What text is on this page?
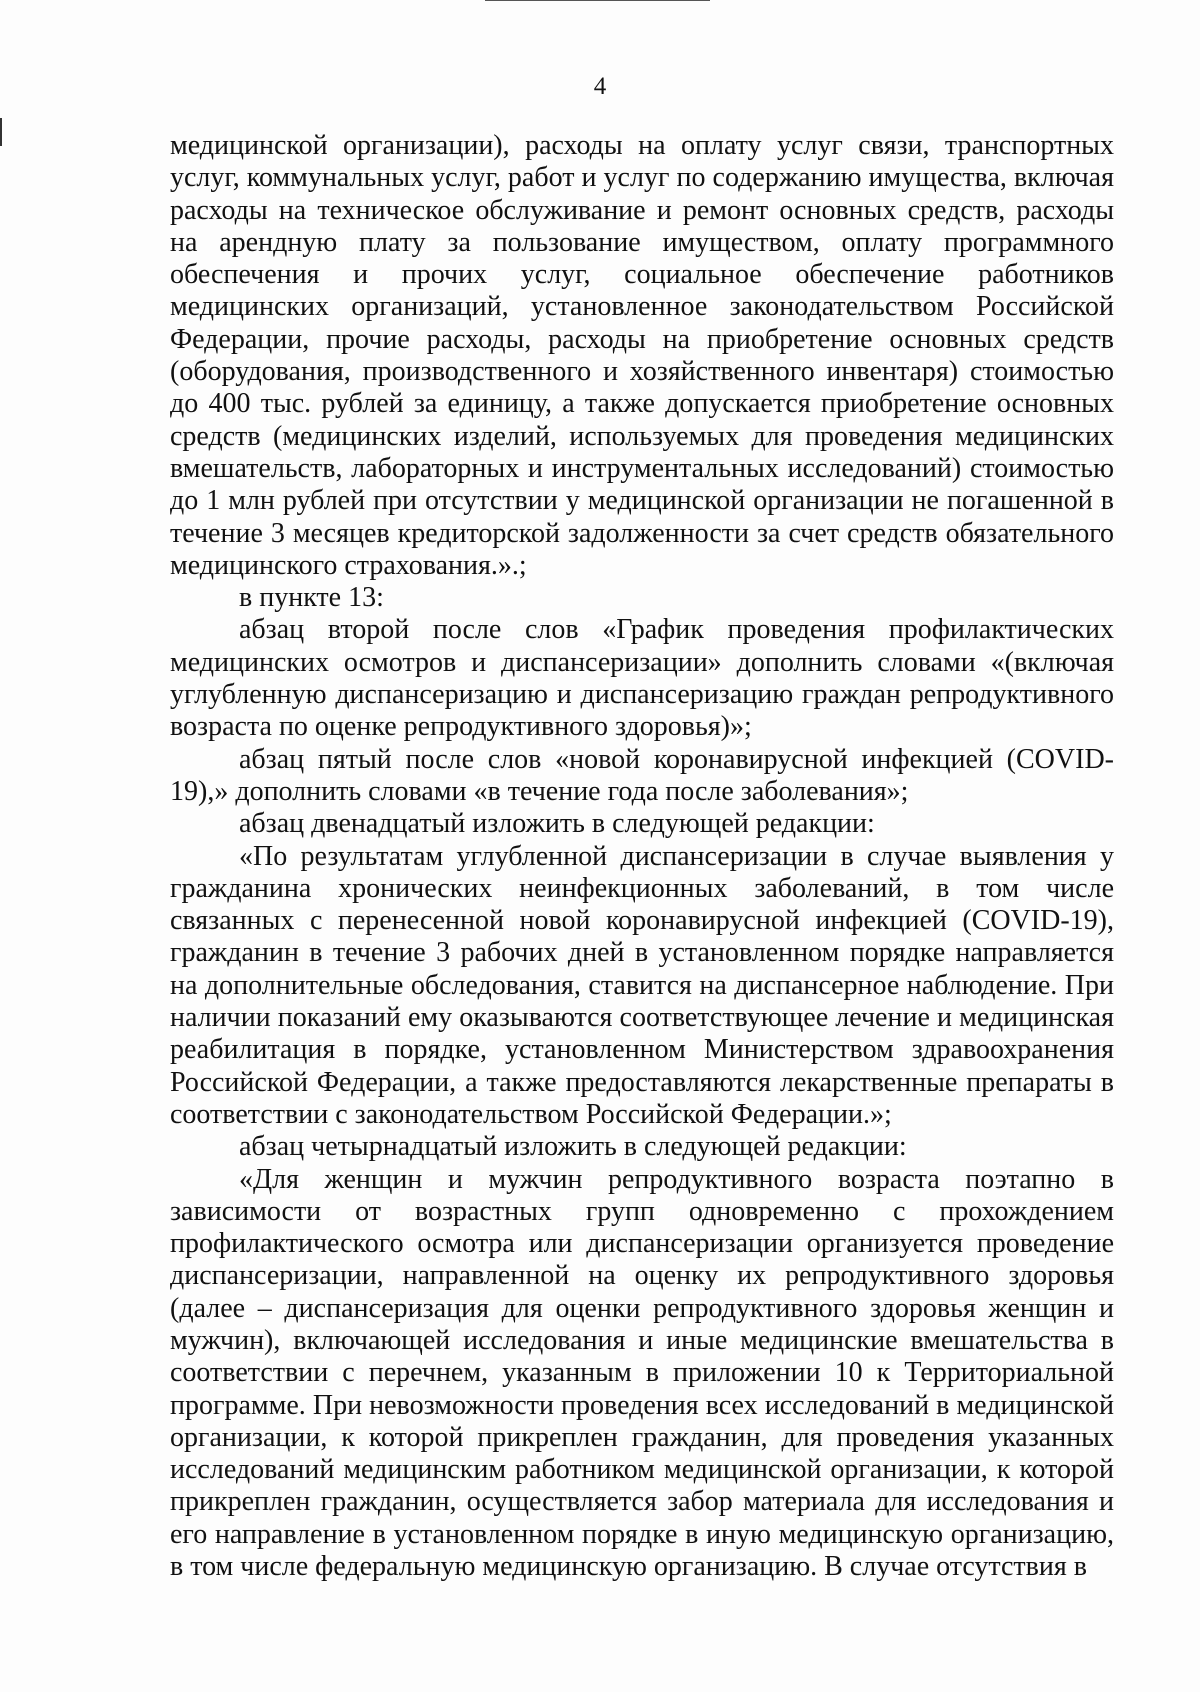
4

медицинской организации), расходы на оплату услуг связи, транспортных услуг, коммунальных услуг, работ и услуг по содержанию имущества, включая расходы на техническое обслуживание и ремонт основных средств, расходы на арендную плату за пользование имуществом, оплату программного обеспечения и прочих услуг, социальное обеспечение работников медицинских организаций, установленное законодательством Российской Федерации, прочие расходы, расходы на приобретение основных средств (оборудования, производственного и хозяйственного инвентаря) стоимостью до 400 тыс. рублей за единицу, а также допускается приобретение основных средств (медицинских изделий, используемых для проведения медицинских вмешательств, лабораторных и инструментальных исследований) стоимостью до 1 млн рублей при отсутствии у медицинской организации не погашенной в течение 3 месяцев кредиторской задолженности за счет средств обязательного медицинского страхования.».;

в пункте 13:

абзац второй после слов «График проведения профилактических медицинских осмотров и диспансеризации» дополнить словами «(включая углубленную диспансеризацию и диспансеризацию граждан репродуктивного возраста по оценке репродуктивного здоровья)»;

абзац пятый после слов «новой коронавирусной инфекцией (COVID-19),» дополнить словами «в течение года после заболевания»;

абзац двенадцатый изложить в следующей редакции:

«По результатам углубленной диспансеризации в случае выявления у гражданина хронических неинфекционных заболеваний, в том числе связанных с перенесенной новой коронавирусной инфекцией (COVID-19), гражданин в течение 3 рабочих дней в установленном порядке направляется на дополнительные обследования, ставится на диспансерное наблюдение. При наличии показаний ему оказываются соответствующее лечение и медицинская реабилитация в порядке, установленном Министерством здравоохранения Российской Федерации, а также предоставляются лекарственные препараты в соответствии с законодательством Российской Федерации.»;

абзац четырнадцатый изложить в следующей редакции:

«Для женщин и мужчин репродуктивного возраста поэтапно в зависимости от возрастных групп одновременно с прохождением профилактического осмотра или диспансеризации организуется проведение диспансеризации, направленной на оценку их репродуктивного здоровья (далее – диспансеризация для оценки репродуктивного здоровья женщин и мужчин), включающей исследования и иные медицинские вмешательства в соответствии с перечнем, указанным в приложении 10 к Территориальной программе. При невозможности проведения всех исследований в медицинской организации, к которой прикреплен гражданин, для проведения указанных исследований медицинским работником медицинской организации, к которой прикреплен гражданин, осуществляется забор материала для исследования и его направление в установленном порядке в иную медицинскую организацию, в том числе федеральную медицинскую организацию. В случае отсутствия в
